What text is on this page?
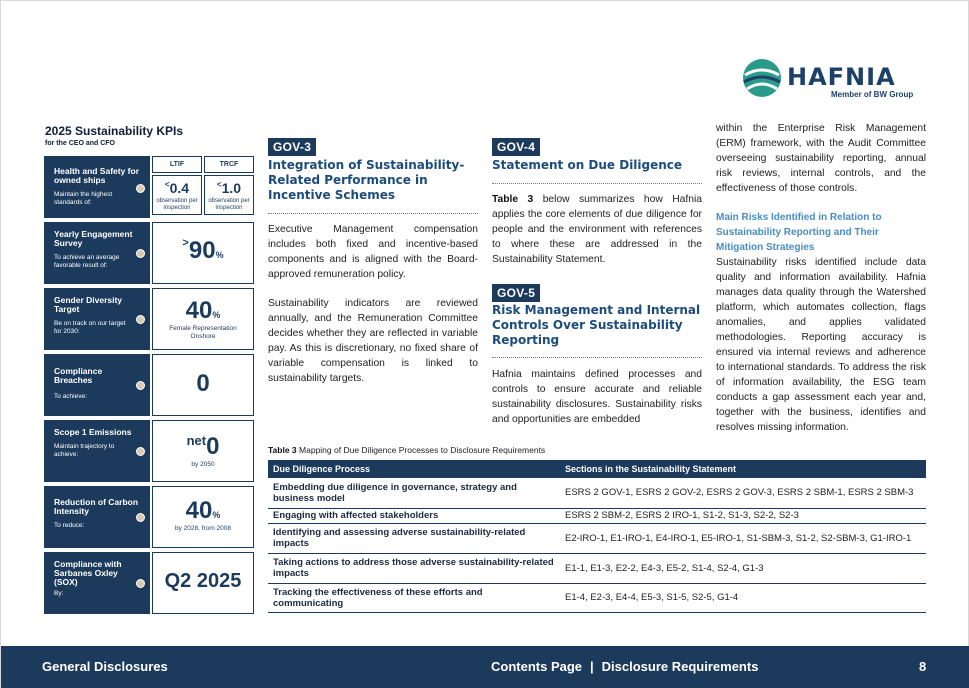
HAFNIA
Member of BW Group
2025 Sustainability KPIs
for the CEO and CFO
Health and Safety for owned ships
Maintain the highest standards of:
LTIF	TRCF
<0.4
observation per inspection
<1.0
observation per inspection
Yearly Engagement Survey
To achieve an average favorable result of:
>90%
Gender Diversity Target
Be on track on our target for 2030:
40%
Female Representation Onshore
Compliance Breaches
To achieve:	0
Scope 1 Emissions
Maintain trajectory to achieve:
$^{net}$0
by 2050
Reduction of Carbon Intensity
To reduce:
40%
by 2028, from 2008
Compliance with Sarbanes Oxley (SOX)
By:
Q2 2025
GOV-3
Integration of Sustainability-Related Performance in Incentive Schemes
Executive Management compensation includes both fixed and incentive-based components and is aligned with the Board-approved remuneration policy.
Sustainability indicators are reviewed annually, and the Remuneration Committee decides whether they are reflected in variable pay. As this is discretionary, no fixed share of variable compensation is linked to sustainability targets.
GOV-4
Statement on Due Diligence
Table 3 below summarizes how Hafnia applies the core elements of due diligence for people and the environment with references to where these are addressed in the Sustainability Statement.
GOV-5
Risk Management and Internal Controls Over Sustainability Reporting
Hafnia maintains defined processes and controls to ensure accurate and reliable sustainability disclosures. Sustainability risks and opportunities are embedded
within the Enterprise Risk Management (ERM) framework, with the Audit Committee overseeing sustainability reporting, annual risk reviews, internal controls, and the effectiveness of those controls.
Main Risks Identified in Relation to Sustainability Reporting and Their Mitigation Strategies
Sustainability risks identified include data quality and information availability. Hafnia manages data quality through the Watershed platform, which automates collection, flags anomalies, and applies validated methodologies. Reporting accuracy is ensured via internal reviews and adherence to international standards. To address the risk of information availability, the ESG team conducts a gap assessment each year and, together with the business, identifies and resolves missing information.
Table 3 Mapping of Due Diligence Processes to Disclosure Requirements
Due Diligence Process	Sections in the Sustainability Statement
Embedding due diligence in governance, strategy and business model	ESRS 2 GOV-1, ESRS 2 GOV-2, ESRS 2 GOV-3, ESRS 2 SBM-1, ESRS 2 SBM-3
Engaging with affected stakeholders	ESRS 2 SBM-2, ESRS 2 IRO-1, S1-2, S1-3, S2-2, S2-3
Identifying and assessing adverse sustainability-related impacts	E2-IRO-1, E1-IRO-1, E4-IRO-1, E5-IRO-1, S1-SBM-3, S1-2, S2-SBM-3, G1-IRO-1
Taking actions to address those adverse sustainability-related impacts	E1-1, E1-3, E2-2, E4-3, E5-2, S1-4, S2-4, G1-3
Tracking the effectiveness of these efforts and communicating	E1-4, E2-3, E4-4, E5-3, S1-5, S2-5, G1-4
General Disclosures	Contents Page | Disclosure Requirements	8
